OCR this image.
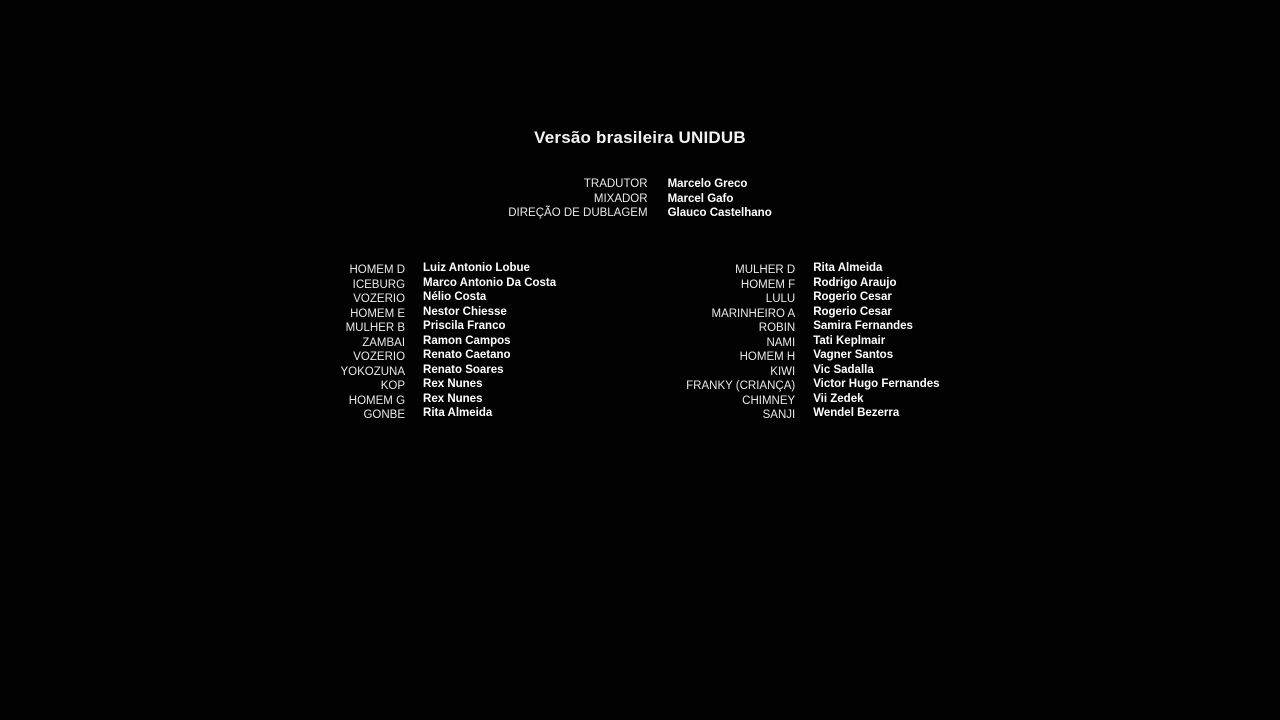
Versão brasileira UNIDUB
TRADUTOR Marcelo Greco
MIXADOR Marcel Gafo
DIREÇÃO DE DUBLAGEM Glauco Castelhano
HOMEM D
ICEBURG
VOZERIO
HOMEM E
MULHER B
ZAMBAI
VOZERIO
YOKOZUNA
KOP
HOMEM G
GONBE
Luiz Antonio Lobue
Marco Antonio Da Costa
Nélio Costa
Nestor Chiesse
Priscila Franco
Ramon Campos
Renato Caetano
Renato Soares
Rex Nunes
Rex Nunes
Rita Almeida
MULHER D
HOMEM F
LULU
MARINHEIRO A
ROBIN
NAMI
HOMEM H
KIWI
FRANKY (CRIANÇA)
CHIMNEY
SANJI
Rita Almeida
Rodrigo Araujo
Rogerio Cesar
Rogerio Cesar
Samira Fernandes
Tati Keplmair
Vagner Santos
Vic Sadalla
Victor Hugo Fernandes
Vii Zedek
Wendel Bezerra
